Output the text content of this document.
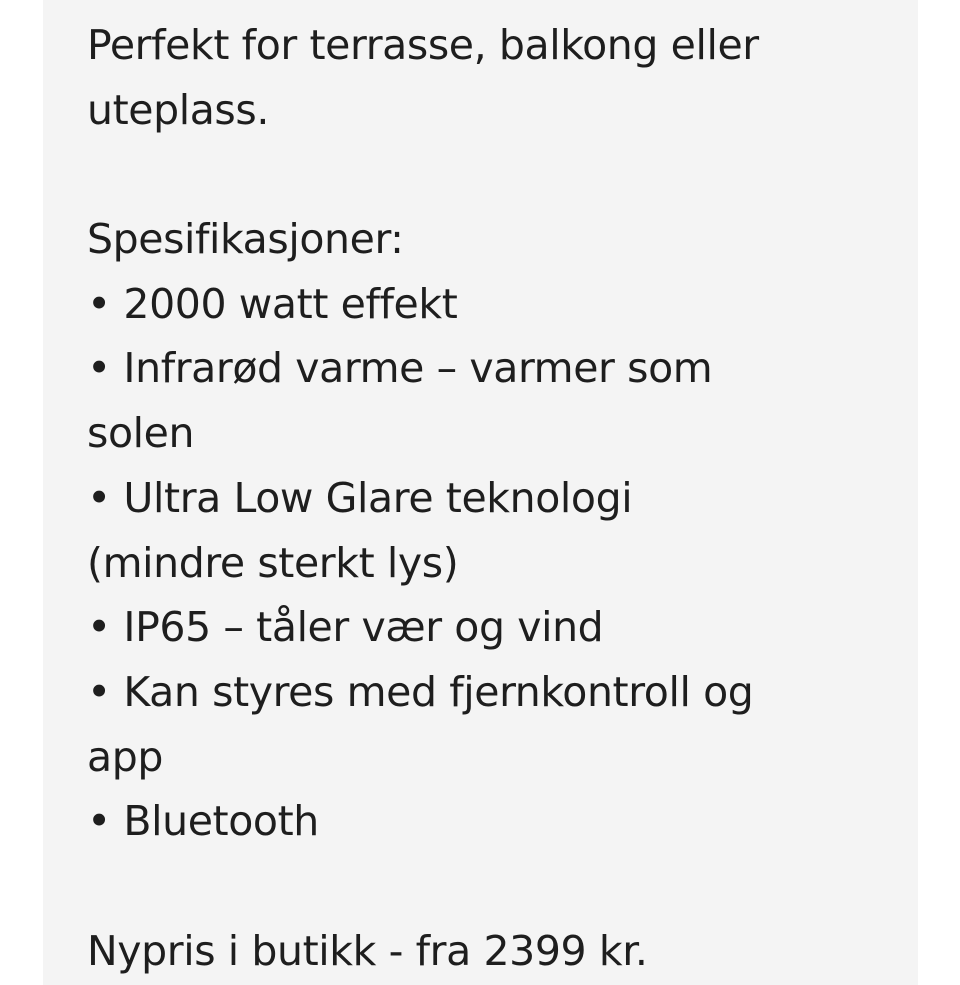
Perfekt for terrasse, balkong eller
uteplass.
Spesifikasjoner:
• 2000 watt effekt
• Infrarød varme – varmer som
solen
• Ultra Low Glare teknologi
(mindre sterkt lys)
• IP65 – tåler vær og vind
• Kan styres med fjernkontroll og
app
• Bluetooth
Nypris i butikk - fra 2399 kr.
